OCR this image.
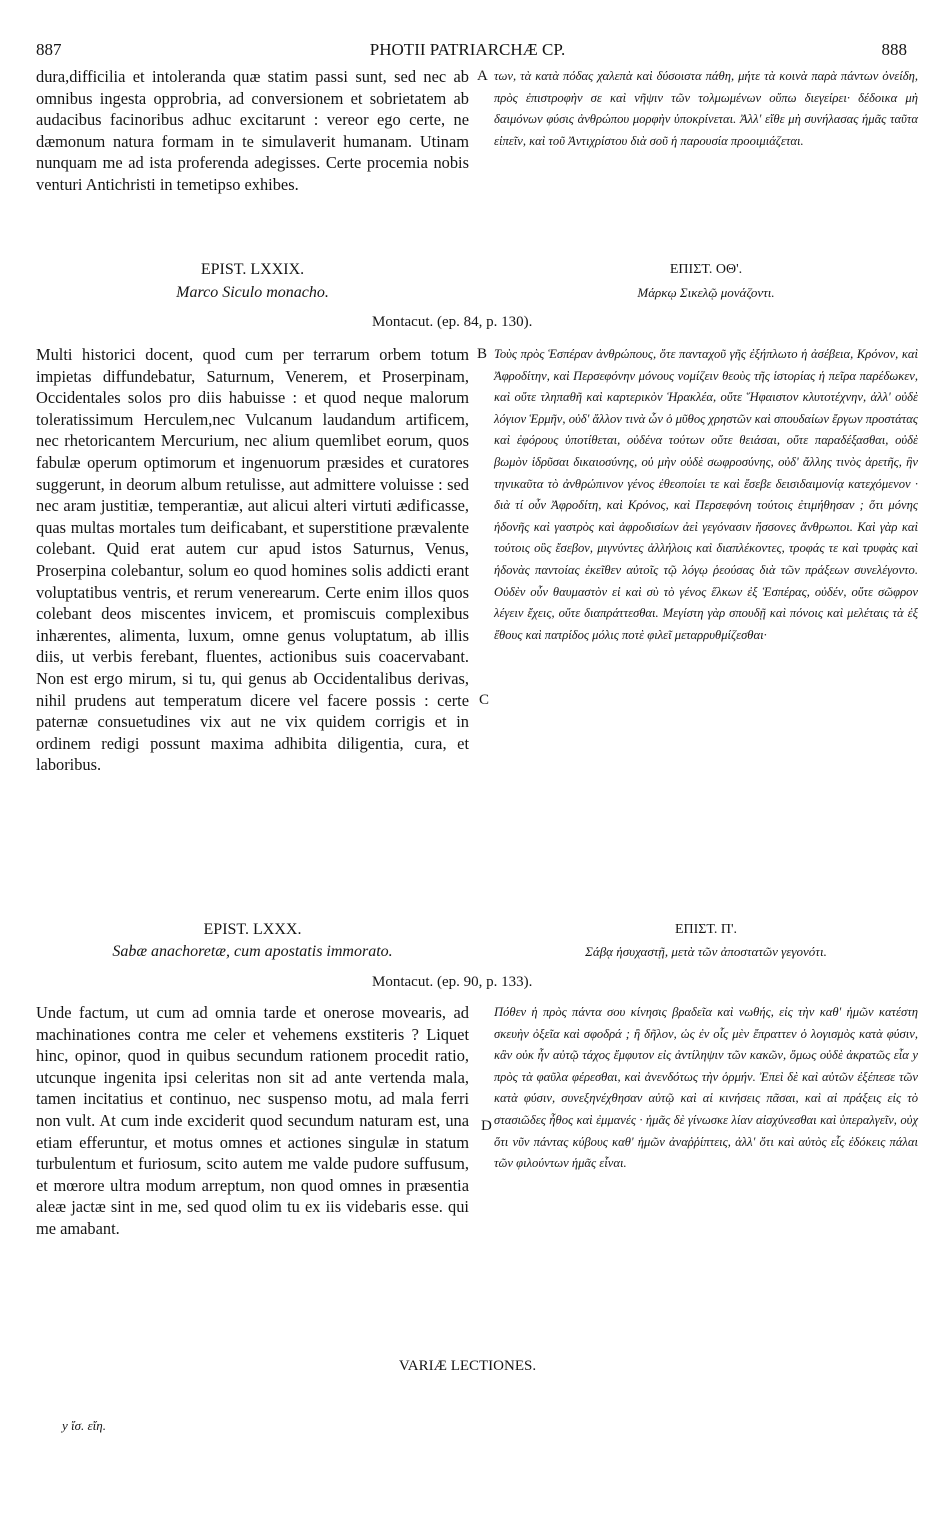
887	PHOTII PATRIARCHÆ CP.	888

dura,difficilia et intoleranda quæ statim passi sunt, sed nec ab omnibus ingesta opprobria, ad conversionem et sobrietatem ab audacibus facinoribus adhuc excitarunt : vereor ego certe, ne dæmonum natura formam in te simulaverit humanam. Utinam nunquam me ad ista proferenda adegisses. Certe procemia nobis venturi Antichristi in temetipso exhibes.

των, τὰ κατὰ πόδας χαλεπὰ καὶ δύσοιστα πάθη, μήτε τὰ κοινὰ παρὰ πάντων ὀνείδη, πρὸς ἐπιστροφὴν σε καὶ νῆψιν τῶν τολμωμένων οὔπω διεγείρει· δέδοικα μὴ δαιμόνων φύσις ἀνθρώπου μορφὴν ὑποκρίνεται. Ἀλλ' εἴθε μὴ συνήλασας ἡμᾶς ταῦτα εἰπεῖν, καὶ τοῦ Ἀντιχρίστου διὰ σοῦ ἡ παρουσία προοιμιάζεται.

EPIST. LXXIX.
Marco Siculo monacho.
ΕΠΙΣΤ. ΟΘ'.
Μάρκῳ Σικελῷ μονάζοντι.
Montacut. (ep. 84, p. 130).

Multi historici docent, quod cum per terrarum orbem totum impietas diffundebatur, Saturnum, Venerem, et Proserpinam, Occidentales solos pro diis habuisse : et quod neque malorum toleratissimum Herculem,nec Vulcanum laudandum artificem, nec rhetoricantem Mercurium, nec alium quemlibet eorum, quos fabulæ operum optimorum et ingenuorum præsides et curatores suggerunt, in deorum album retulisse, aut admittere voluisse : sed nec aram justitiæ, temperantiæ, aut alicui alteri virtuti ædificasse, quas multas mortales tum deificabant, et superstitione prævalente colebant. Quid erat autem cur apud istos Saturnus, Venus, Proserpina colebantur, solum eo quod homines solis addicti erant voluptatibus ventris, et rerum venerearum. Certe enim illos quos colebant deos miscentes invicem, et promiscuis complexibus inhærentes, alimenta, luxum, omne genus voluptatum, ab illis diis, ut verbis ferebant, fluentes, actionibus suis coacervabant. Non est ergo mirum, si tu, qui genus ab Occidentalibus derivas, nihil prudens aut temperatum dicere vel facere possis : certe paternæ consuetudines vix aut ne vix quidem corrigis et in ordinem redigi possunt maxima adhibita diligentia, cura, et laboribus.

Τοὺς πρὸς Ἑσπέραν ἀνθρώπους, ὅτε πανταχοῦ γῆς ἐξήπλωτο ἡ ἀσέβεια, Κρόνον, καὶ Ἀφροδίτην, καὶ Περσεφόνην μόνους νομίζειν θεοὺς τῆς ἱστορίας ἡ πεῖρα παρέδωκεν, καὶ οὔτε τληπαθῆ καὶ καρτερικὸν Ἡρακλέα, οὔτε Ἥφαιστον κλυτοτέχνην, ἀλλ' οὐδὲ λόγιον Ἑρμῆν, οὐδ' ἄλλον τινὰ ὧν ὁ μῦθος χρηστῶν καὶ σπουδαίων ἔργων προστάτας καὶ ἐφόρους ὑποτίθεται, οὐδένα τούτων οὔτε θειάσαι, οὔτε παραδέξασθαι, οὐδὲ βωμὸν ἱδρῦσαι δικαιοσύνης, οὐ μὴν οὐδὲ σωφροσύνης, οὐδ' ἄλλης τινὸς ἀρετῆς, ἣν τηνικαῦτα τὸ ἀνθρώπινον γένος ἐθεοποίει τε καὶ ἔσεβε δεισιδαιμονίᾳ κατεχόμενον · διὰ τί οὖν Ἀφροδίτη, καὶ Κρόνος, καὶ Περσεφόνη τούτοις ἐτιμήθησαν ; ὅτι μόνης ἡδονῆς καὶ γαστρὸς καὶ ἀφροδισίων ἀεὶ γεγόνασιν ἥσσονες ἄνθρωποι. Καὶ γὰρ καὶ τούτοις οὓς ἔσεβον, μιγνύντες ἀλλήλοις καὶ διαπλέκοντες, τροφάς τε καὶ τρυφὰς καὶ ἡδονὰς παντοίας ἐκεῖθεν αὐτοῖς τῷ λόγῳ ῥεούσας διὰ τῶν πράξεων συνελέγοντο. Οὐδὲν οὖν θαυμαστὸν εἰ καὶ σὺ τὸ γένος ἕλκων ἐξ Ἑσπέρας, οὐδέν, οὔτε σῶφρον λέγειν ἔχεις, οὔτε διαπράττεσθαι. Μεγίστη γὰρ σπουδῇ καὶ πόνοις καὶ μελέταις τὰ ἐξ ἔθους καὶ πατρίδος μόλις ποτὲ φιλεῖ μεταρρυθμίζεσθαι·

EPIST. LXXX.
Sabæ anachoretæ, cum apostatis immorato.
ΕΠΙΣΤ. Π'.
Σάβᾳ ἡσυχαστῇ, μετὰ τῶν ἀποστατῶν γεγονότι.
Montacut. (ep. 90, p. 133).

Unde factum, ut cum ad omnia tarde et onerose movearis, ad machinationes contra me celer et vehemens exstiteris ? Liquet hinc, opinor, quod in quibus secundum rationem procedit ratio, utcunque ingenita ipsi celeritas non sit ad ante vertenda mala, tamen incitatius et continuo, nec suspenso motu, ad mala ferri non vult. At cum inde exciderit quod secundum naturam est, una etiam efferuntur, et motus omnes et actiones singulæ in statum turbulentum et furiosum, scito autem me valde pudore suffusum, et mœrore ultra modum arreptum, non quod omnes in præsentia aleæ jactæ sint in me, sed quod olim tu ex iis videbaris esse. qui me amabant.

Πόθεν ἡ πρὸς πάντα σου κίνησις βραδεῖα καὶ νωθής, εἰς τὴν καθ' ἡμῶν κατέστη σκευὴν ὀξεῖα καὶ σφοδρά ; ἢ δῆλον, ὡς ἐν οἷς μὲν ἔπραττεν ὁ λογισμὸς κατὰ φύσιν, κἂν οὐκ ἦν αὐτῷ τάχος ἔμφυτον εἰς ἀντίληψιν τῶν κακῶν, ὅμως οὐδὲ ἀκρατῶς εἶα y πρὸς τὰ φαῦλα φέρεσθαι, καὶ ἀνενδότως τὴν ὁρμήν. Ἐπεὶ δὲ καὶ αὐτῶν ἐξέπεσε τῶν κατὰ φύσιν, συνεξηνέχθησαν αὐτῷ καὶ αἱ κινήσεις πᾶσαι, καὶ αἱ πράξεις εἰς τὸ στασιῶδες ἦθος καὶ ἐμμανές · ἡμᾶς δὲ γίνωσκε λίαν αἰσχύνεσθαι καὶ ὑπεραλγεῖν, οὐχ ὅτι νῦν πάντας κύβους καθ' ἡμῶν ἀναῤῥίπτεις, ἀλλ' ὅτι καὶ αὐτὸς εἷς ἐδόκεις πάλαι τῶν φιλούντων ἡμᾶς εἶναι.

A
B
C
D
VARIÆ LECTIONES.
y ἴσ. εἴη.
